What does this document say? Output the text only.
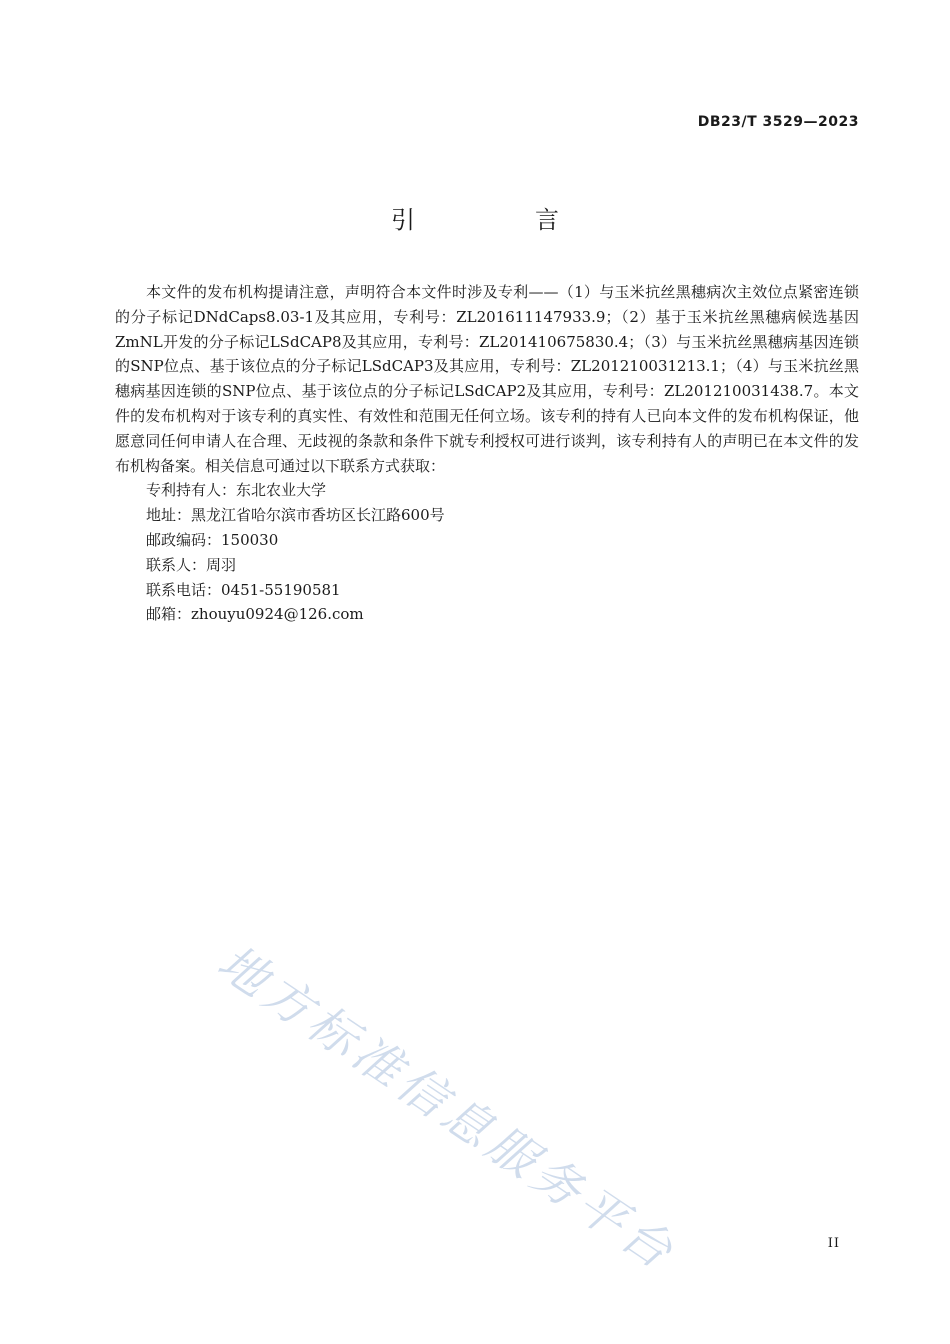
DB23/T 3529—2023
引　言

本文件的发布机构提请注意，声明符合本文件时涉及专利——（1）与玉米抗丝黑穗病次主效位点紧密连锁的分子标记DNdCaps8.03-1及其应用，专利号：ZL201611147933.9；（2）基于玉米抗丝黑穗病候选基因ZmNL开发的分子标记LSdCAP8及其应用，专利号：ZL201410675830.4；（3）与玉米抗丝黑穗病基因连锁的SNP位点、基于该位点的分子标记LSdCAP3及其应用，专利号：ZL201210031213.1；（4）与玉米抗丝黑穗病基因连锁的SNP位点、基于该位点的分子标记LSdCAP2及其应用，专利号：ZL201210031438.7。本文件的发布机构对于该专利的真实性、有效性和范围无任何立场。该专利的持有人已向本文件的发布机构保证，他愿意同任何申请人在合理、无歧视的条款和条件下就专利授权可进行谈判，该专利持有人的声明已在本文件的发布机构备案。相关信息可通过以下联系方式获取：

专利持有人：东北农业大学

地址：黑龙江省哈尔滨市香坊区长江路600号

邮政编码：150030

联系人：周羽

联系电话：0451-55190581

邮箱：zhouyu0924@126.com

地方标准信息服务平台	II
